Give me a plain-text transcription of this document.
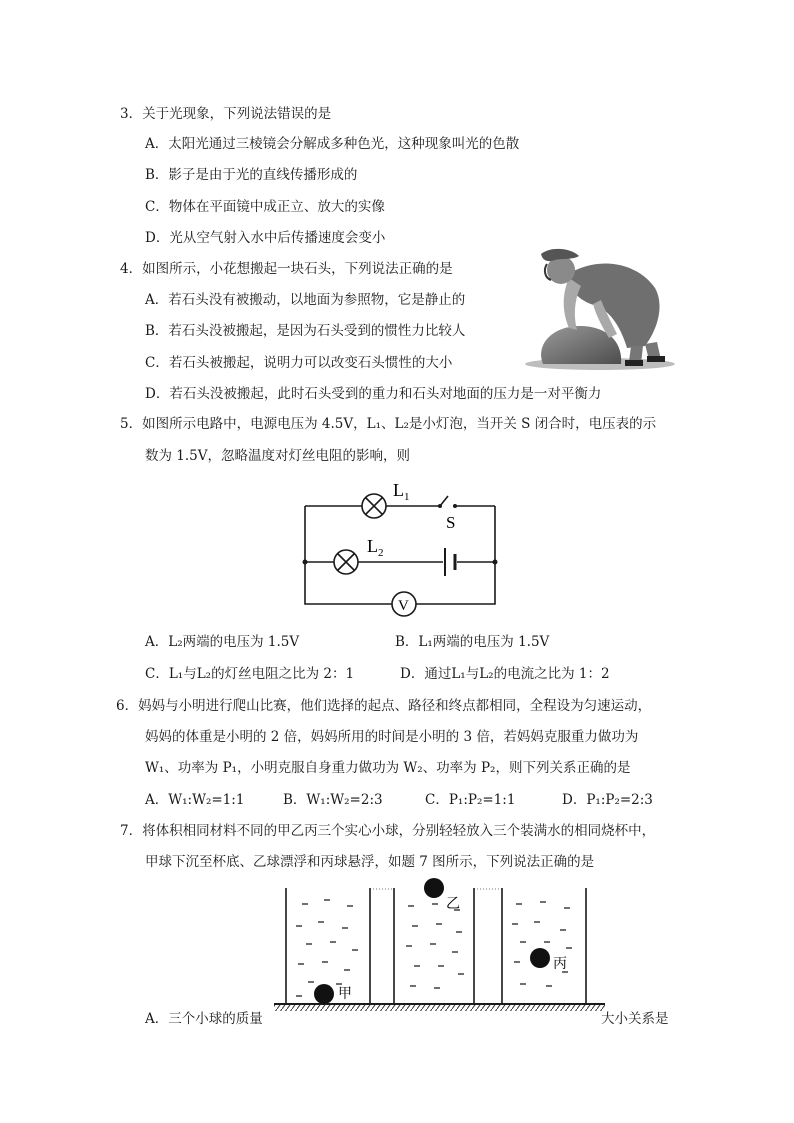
3．关于光现象，下列说法错误的是
A．太阳光通过三棱镜会分解成多种色光，这种现象叫光的色散
B．影子是由于光的直线传播形成的
C．物体在平面镜中成正立、放大的实像
D．光从空气射入水中后传播速度会变小
4．如图所示，小花想搬起一块石头，下列说法正确的是
A．若石头没有被搬动，以地面为参照物，它是静止的
B．若石头没被搬起，是因为石头受到的惯性力比较人
C．若石头被搬起，说明力可以改变石头惯性的大小
D．若石头没被搬起，此时石头受到的重力和石头对地面的压力是一对平衡力
5．如图所示电路中，电源电压为 4.5V，L₁、L₂是小灯泡，当开关 S 闭合时，电压表的示
数为 1.5V，忽略温度对灯丝电阻的影响，则
$L_1$
$L_2$
S
V
A．L₂两端的电压为 1.5V	B．L₁两端的电压为 1.5V
C．L₁与L₂的灯丝电阻之比为 2：1	D．通过L₁与L₂的电流之比为 1：2
6．妈妈与小明进行爬山比赛，他们选择的起点、路径和终点都相同，全程设为匀速运动，
妈妈的体重是小明的 2 倍，妈妈所用的时间是小明的 3 倍，若妈妈克服重力做功为
W₁、功率为 P₁，小明克服自身重力做功为 W₂、功率为 P₂，则下列关系正确的是
A．W₁:W₂=1:1	B．W₁:W₂=2:3	C．P₁:P₂=1:1	D．P₁:P₂=2:3
7．将体积相同材料不同的甲乙丙三个实心小球，分别轻轻放入三个装满水的相同烧杯中，
甲球下沉至杯底、乙球漂浮和丙球悬浮，如题 7 图所示，下列说法正确的是
甲
乙
丙
A．三个小球的质量	大小关系是
